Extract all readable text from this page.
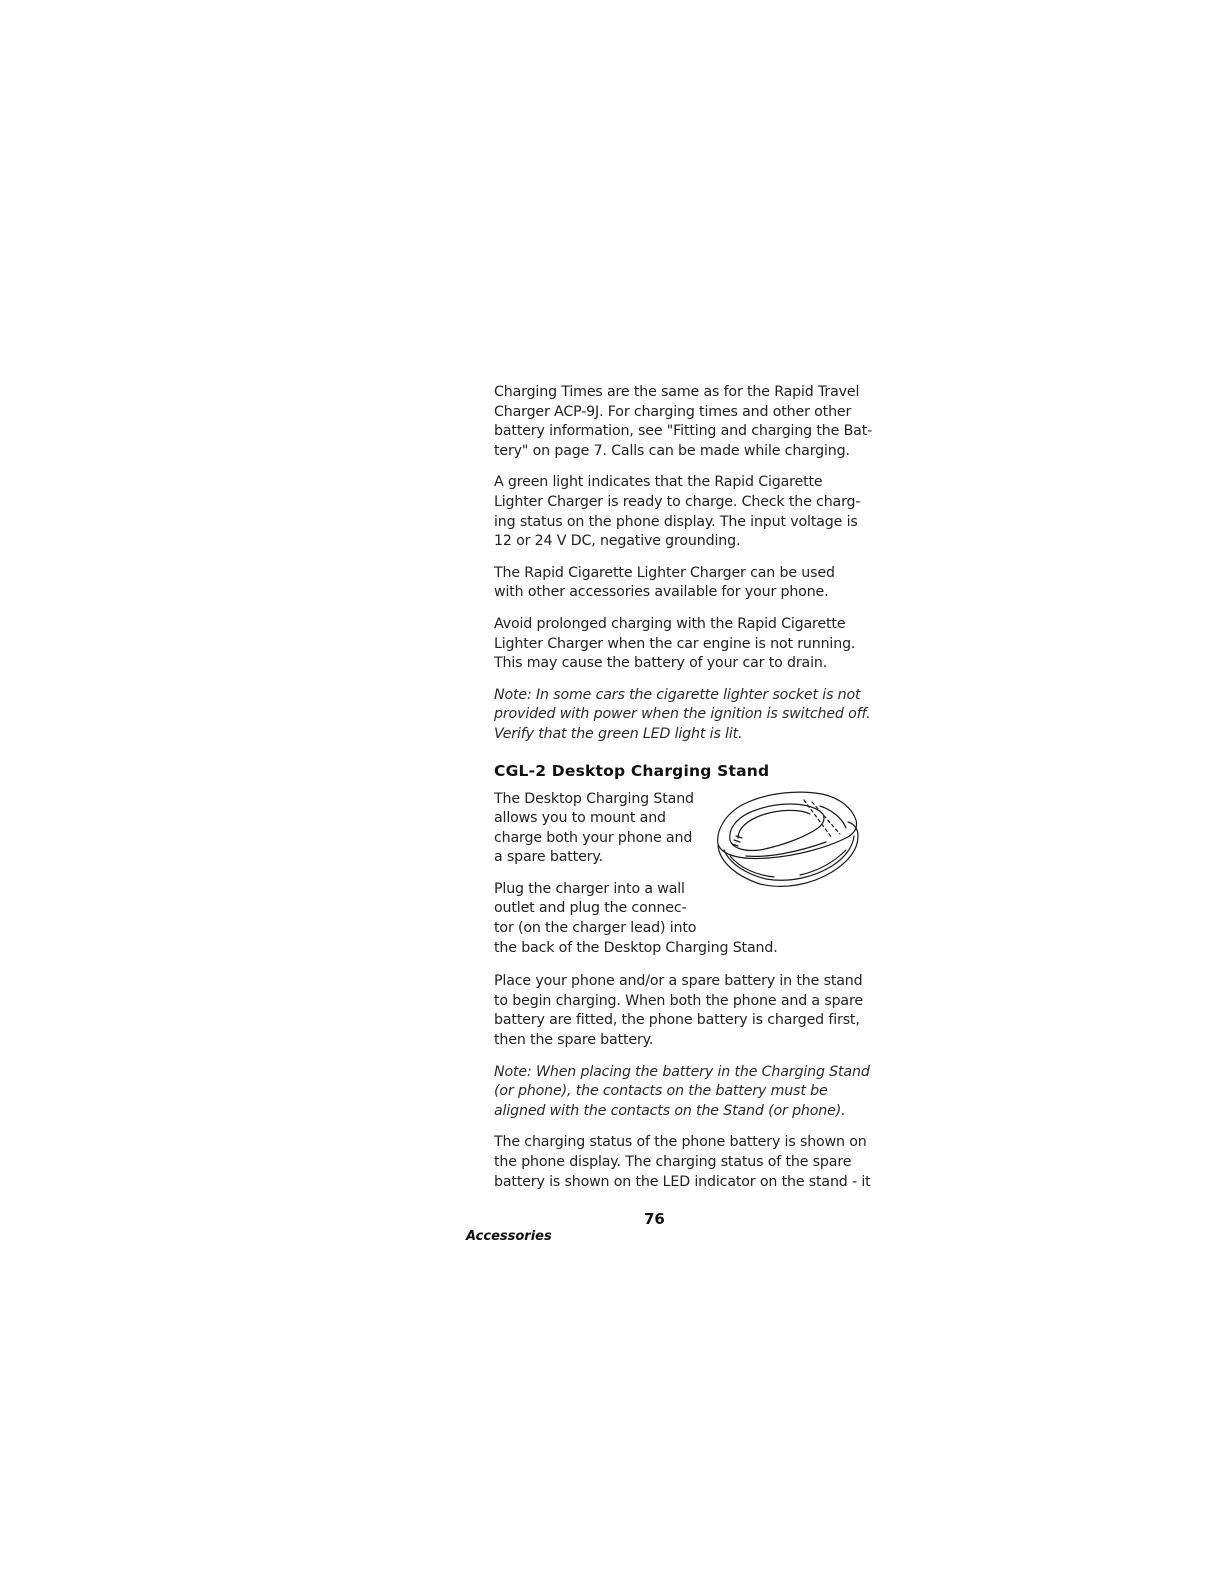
Charging Times are the same as for the Rapid Travel
Charger ACP-9J. For charging times and other other
battery information, see "Fitting and charging the Bat-
tery" on page 7. Calls can be made while charging.

A green light indicates that the Rapid Cigarette
Lighter Charger is ready to charge. Check the charg-
ing status on the phone display. The input voltage is
12 or 24 V DC, negative grounding.

The Rapid Cigarette Lighter Charger can be used
with other accessories available for your phone.

Avoid prolonged charging with the Rapid Cigarette
Lighter Charger when the car engine is not running.
This may cause the battery of your car to drain.

Note: In some cars the cigarette lighter socket is not
provided with power when the ignition is switched off.
Verify that the green LED light is lit.

CGL-2 Desktop Charging Stand
The Desktop Charging Stand
allows you to mount and
charge both your phone and
a spare battery.
Plug the charger into a wall
outlet and plug the connec-
tor (on the charger lead) into
the back of the Desktop Charging Stand.

Place your phone and/or a spare battery in the stand
to begin charging. When both the phone and a spare
battery are fitted, the phone battery is charged first,
then the spare battery.

Note: When placing the battery in the Charging Stand
(or phone), the contacts on the battery must be
aligned with the contacts on the Stand (or phone).

The charging status of the phone battery is shown on
the phone display. The charging status of the spare
battery is shown on the LED indicator on the stand - it

76
Accessories
